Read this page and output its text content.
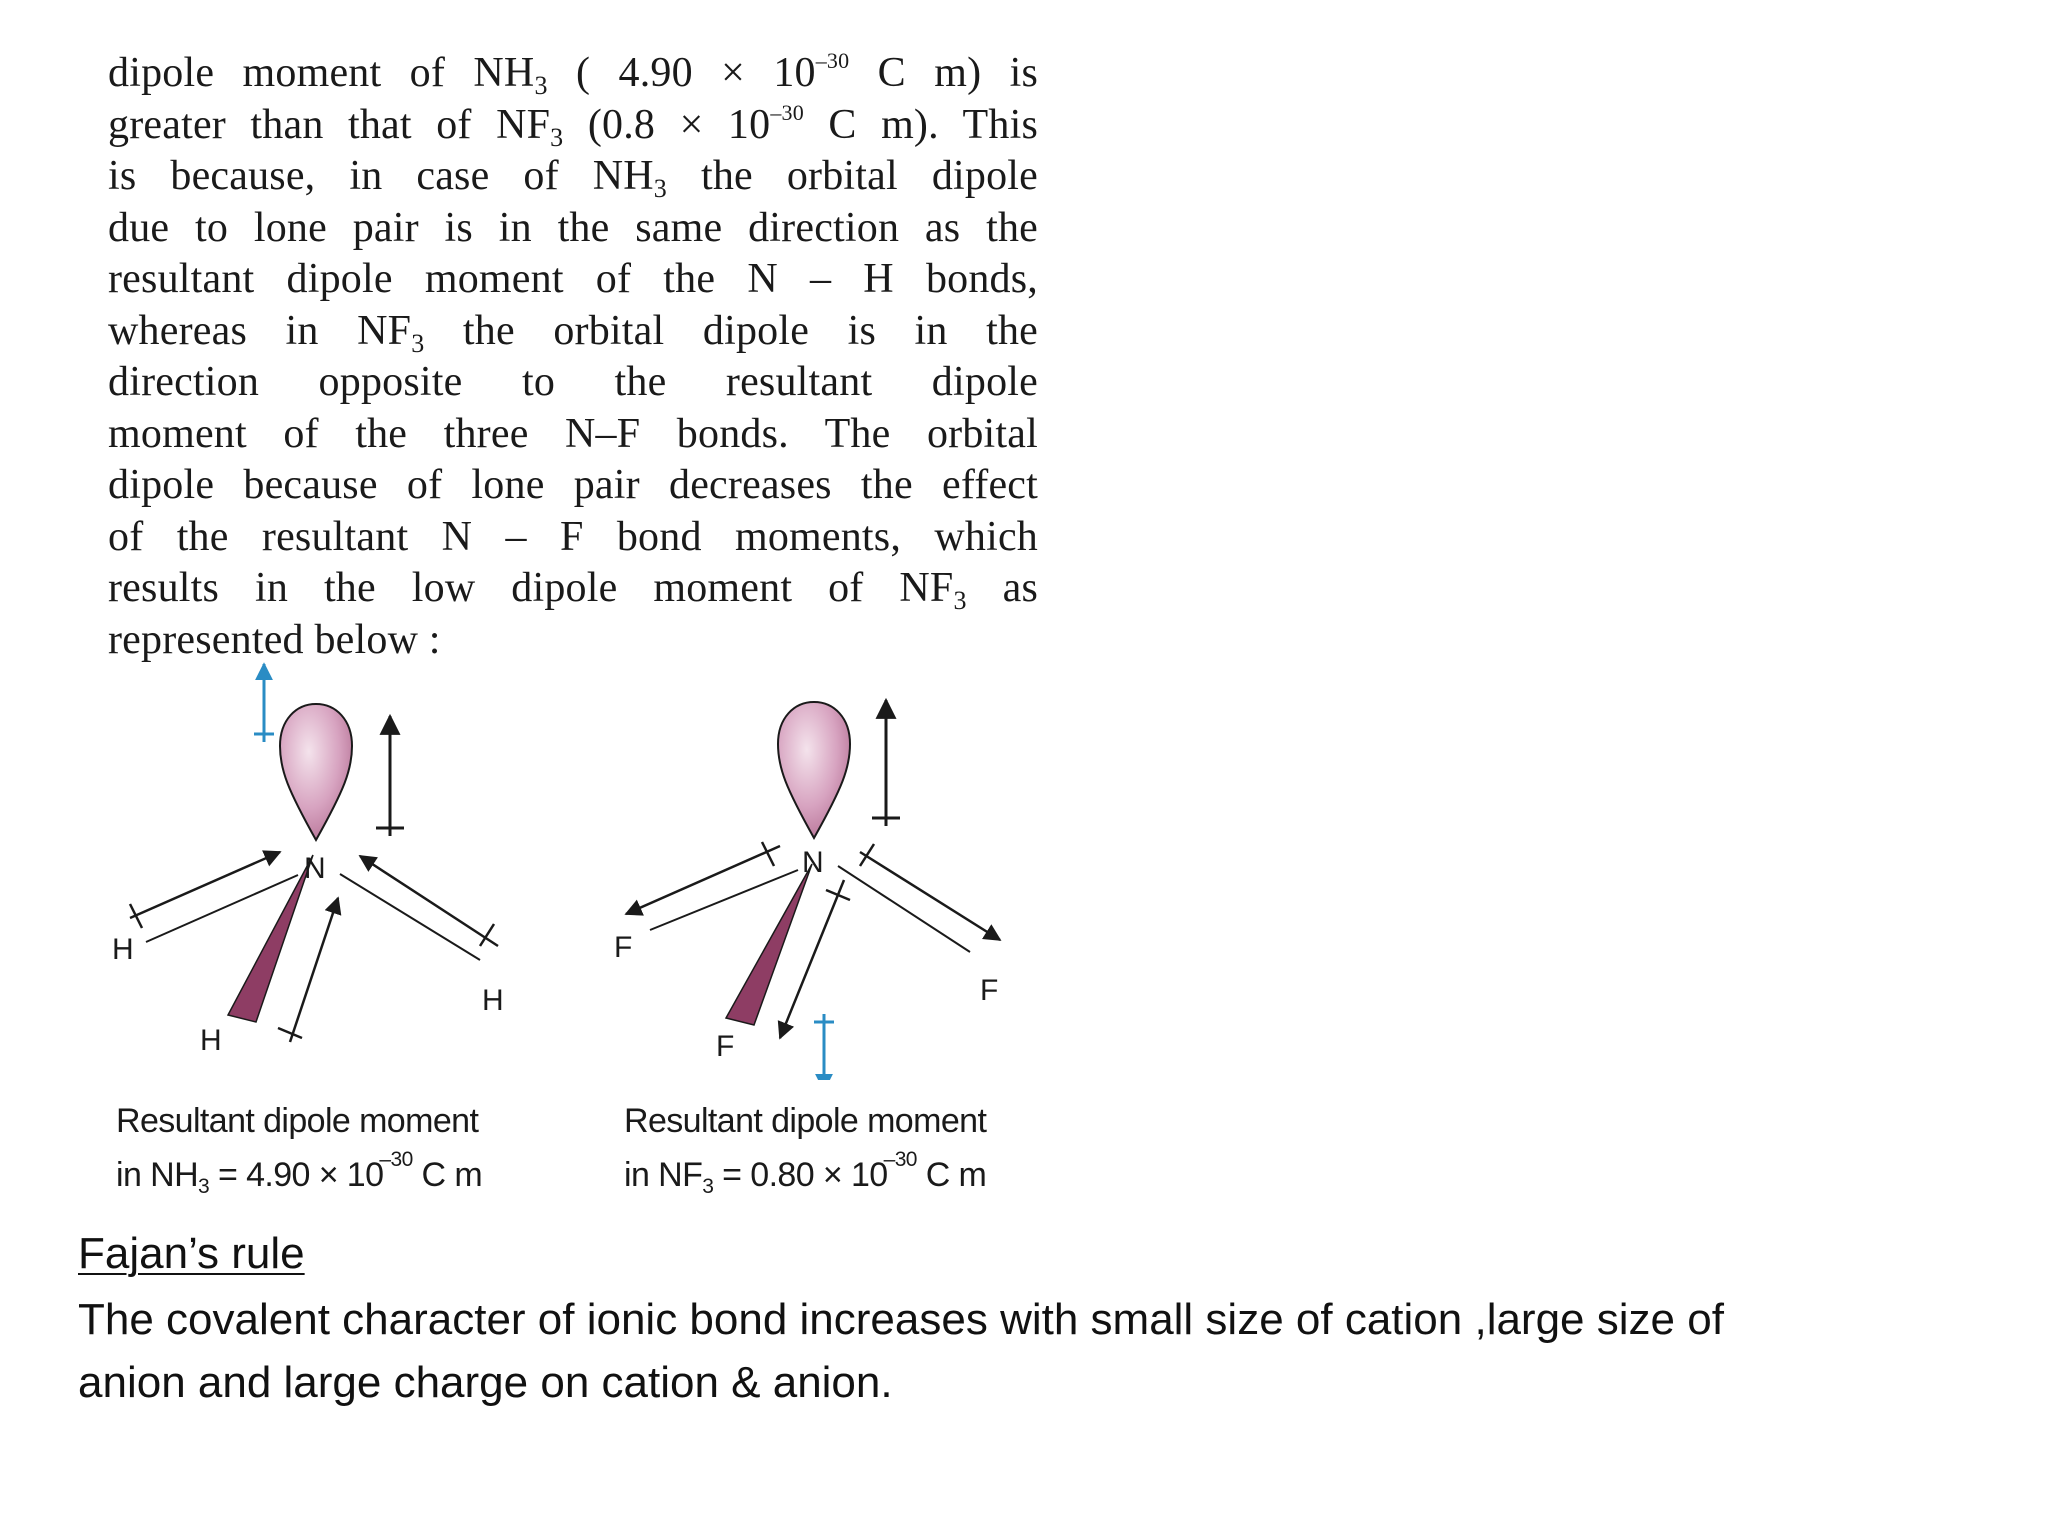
dipole moment of $NH_3$ ( $4.90 \times 10^{-30}$ C m) is
greater than that of $NF_3$ ($0.8 \times 10^{-30}$ C m). This
is because, in case of $NH_3$ the orbital dipole
due to lone pair is in the same direction as the
resultant dipole moment of the N – H bonds,
whereas in $NF_3$ the orbital dipole is in the
direction opposite to the resultant dipole
moment of the three N–F bonds. The orbital
dipole because of lone pair decreases the effect
of the resultant N – F bond moments, which
results in the low dipole moment of $NF_3$ as
represented below :
N
H
H
H
N
F
F
F
Resultant dipole moment
in $NH_3 = 4.90 \times 10^{-30}$ C m
Resultant dipole moment
in $NF_3 = 0.80 \times 10^{-30}$ C m
Fajan’s rule
The covalent character of ionic bond increases with small size of cation ,large size of
anion and large charge on cation & anion.
